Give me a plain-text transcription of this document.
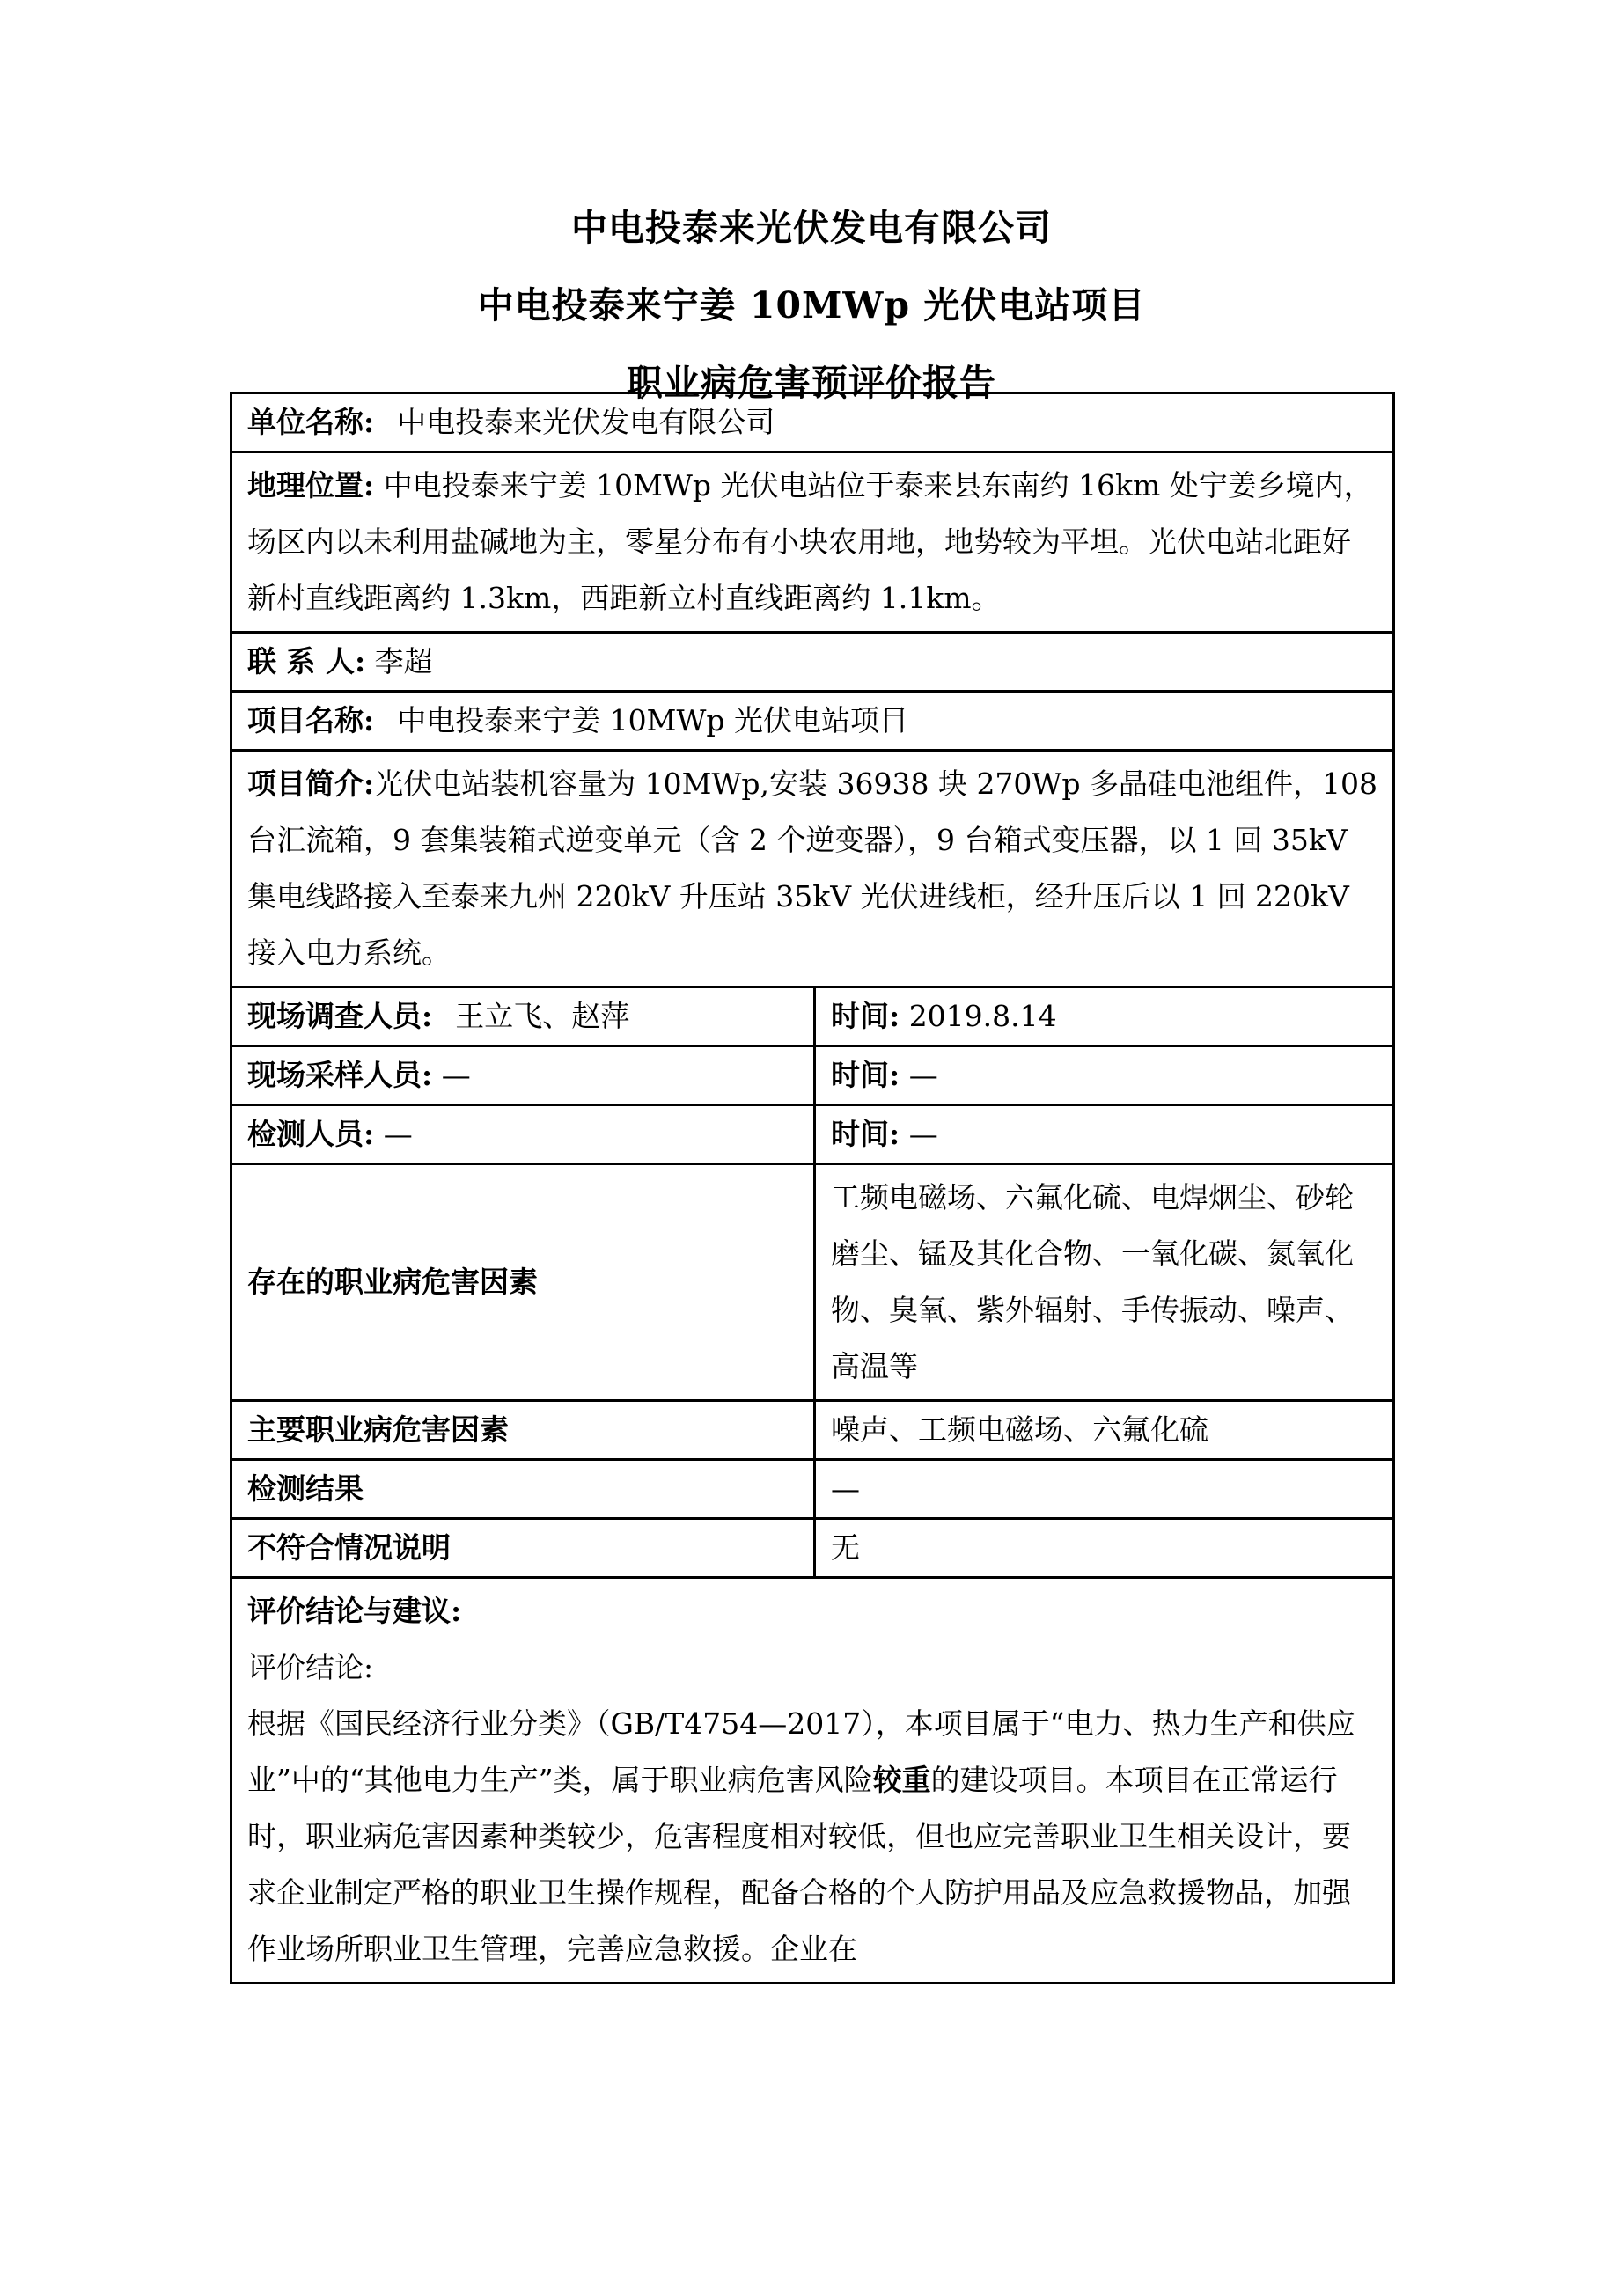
中电投泰来光伏发电有限公司
中电投泰来宁姜 10MWp 光伏电站项目
职业病危害预评价报告
单位名称: 中电投泰来光伏发电有限公司	
地理位置: 中电投泰来宁姜 10MWp 光伏电站位于泰来县东南约 16km 处宁姜乡境内，场区内以未利用盐碱地为主，零星分布有小块农用地，地势较为平坦。光伏电站北距好新村直线距离约 1.3km，西距新立村直线距离约 1.1km。	
联 系 人: 李超	
项目名称: 中电投泰来宁姜 10MWp 光伏电站项目	
项目简介:光伏电站装机容量为 10MWp,安装 36938 块 270Wp 多晶硅电池组件，108 台汇流箱，9 套集装箱式逆变单元（含 2 个逆变器），9 台箱式变压器，以 1 回 35kV 集电线路接入至泰来九州 220kV 升压站 35kV 光伏进线柜，经升压后以 1 回 220kV 接入电力系统。	
现场调查人员: 王立飞、赵萍	时间: 2019.8.14
现场采样人员: —	时间: —
检测人员: —	时间: —
存在的职业病危害因素	工频电磁场、六氟化硫、电焊烟尘、砂轮磨尘、锰及其化合物、一氧化碳、氮氧化物、臭氧、紫外辐射、手传振动、噪声、高温等
主要职业病危害因素	噪声、工频电磁场、六氟化硫
检测结果	—
不符合情况说明	无

评价结论与建议:
评价结论:
根据《国民经济行业分类》（GB/T4754—2017），本项目属于“电力、热力生产和供应业”中的“其他电力生产”类，属于职业病危害风险较重的建设项目。本项目在正常运行时，职业病危害因素种类较少，危害程度相对较低，但也应完善职业卫生相关设计，要求企业制定严格的职业卫生操作规程，配备合格的个人防护用品及应急救援物品，加强作业场所职业卫生管理，完善应急救援。企业在	
